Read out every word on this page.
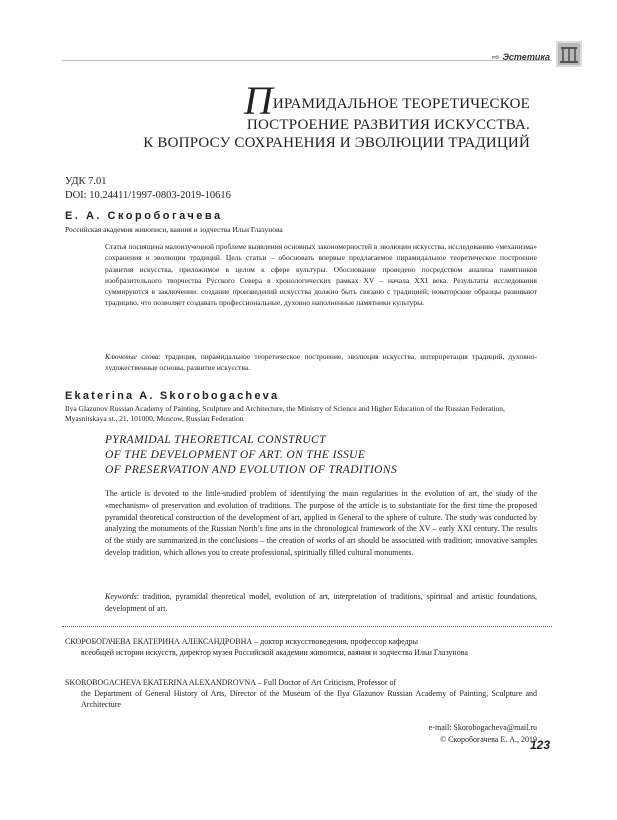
⇨ Эстетика
ПИРАМИДАЛЬНОЕ ТЕОРЕТИЧЕСКОЕ
ПОСТРОЕНИЕ РАЗВИТИЯ ИСКУССТВА.
К ВОПРОСУ СОХРАНЕНИЯ И ЭВОЛЮЦИИ ТРАДИЦИЙ
УДК 7.01
DOI: 10.24411/1997-0803-2019-10616
Е. А. Скоробогачева
Российская академия живописи, ваяния и зодчества Ильи Глазунова

Статья посвящена малоизученной проблеме выявления основных закономерностей в эволюции искусства, исследованию «механизма» сохранения и эволюции традиций. Цель статьи – обосновать впервые предлагаемое пирамидальное теоретическое построение развития искусства, приложимое в целом к сфере культуры. Обоснование проведено посредством анализа памятников изобразительного творчества Русского Севера в хронологических рамках XV – начала XXI века. Результаты исследования суммируются в заключении: создание произведений искусства должно быть связано с традицией; новаторские образцы развивают традицию, что позволяет создавать профессиональные, духовно наполненные памятники культуры.

Ключевые слова: традиция, пирамидальное теоретическое построение, эволюция искусства, интерпретация традиций, духовно-художественные основы, развитие искусства.

Ekaterina A. Skorobogacheva
Ilya Glazunov Russian Academy of Painting, Sculpture and Architecture, the Ministry of Science and Higher Education of the Russian Federation, Myasnitskaya st., 21, 101000, Moscow, Russian Federation
PYRAMIDAL THEORETICAL CONSTRUCT
OF THE DEVELOPMENT OF ART. ON THE ISSUE
OF PRESERVATION AND EVOLUTION OF TRADITIONS

The article is devoted to the little-studied problem of identifying the main regularities in the evolution of art, the study of the «mechanism» of preservation and evolution of traditions. The purpose of the article is to substantiate for the first time the proposed pyramidal theoretical construction of the development of art, applied in General to the sphere of culture. The study was conducted by analyzing the monuments of the Russian North’s fine arts in the chronological framework of the XV – early XXI century. The results of the study are summarized in the conclusions – the creation of works of art should be associated with tradition; innovative samples develop tradition, which allows you to create professional, spiritually filled cultural monuments.

Keywords: tradition, pyramidal theoretical model, evolution of art, interpretation of traditions, spiritual and artistic foundations, development of art.

СКОРОБОГАЧЕВА ЕКАТЕРИНА АЛЕКСАНДРОВНА – доктор искусствоведения, профессор кафедры
всеобщей истории искусств, директор музея Российской академии живописи, ваяния и зодчества Ильи Глазунова

SKOROBOGACHEVA EKATERINA ALEXANDROVNA – Full Doctor of Art Criticism, Professor of
the Department of General History of Arts, Director of the Museum of the Ilya Glazunov Russian Academy of Painting, Sculpture and Architecture

e-mail: Skorobogacheva@mail.ru
© Скоробогачева Е. А., 2019
123
